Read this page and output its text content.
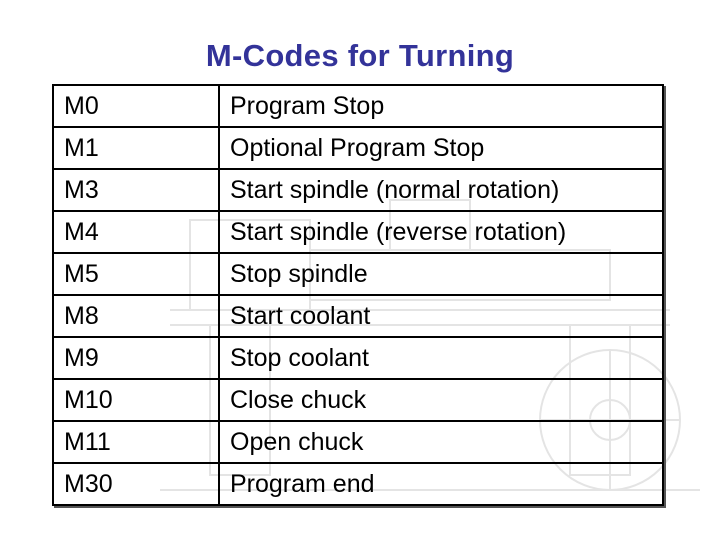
M-Codes for Turning
M0	Program Stop
M1	Optional Program Stop
M3	Start spindle (normal rotation)
M4	Start spindle (reverse rotation)
M5	Stop spindle
M8	Start coolant
M9	Stop coolant
M10	Close chuck
M11	Open chuck
M30	Program end
